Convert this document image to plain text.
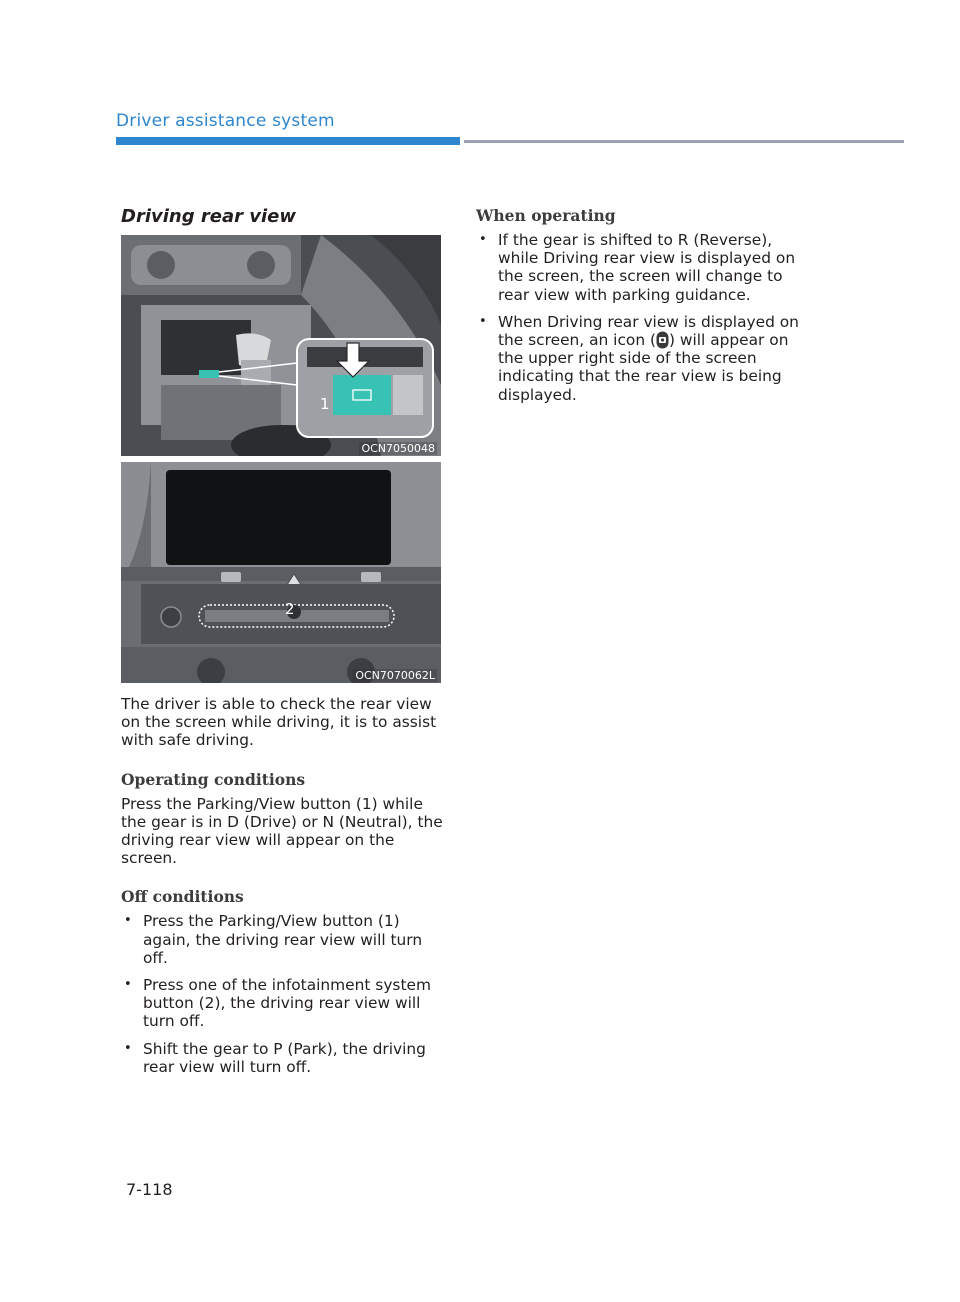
Driver assistance system
Driving rear view
1
OCN7050048
2
OCN7070062L

The driver is able to check the rear view on the screen while driving, it is to assist with safe driving.

Operating conditions

Press the Parking/View button (1) while the gear is in D (Drive) or N (Neutral), the driving rear view will appear on the screen.

Off conditions
• Press the Parking/View button (1) again, the driving rear view will turn off.
• Press one of the infotainment system button (2), the driving rear view will turn off.
• Shift the gear to P (Park), the driving rear view will turn off.
When operating
• If the gear is shifted to R (Reverse), while Driving rear view is displayed on the screen, the screen will change to rear view with parking guidance.
• When Driving rear view is displayed on the screen, an icon ( ) will appear on the upper right side of the screen indicating that the rear view is being displayed.
7-118
